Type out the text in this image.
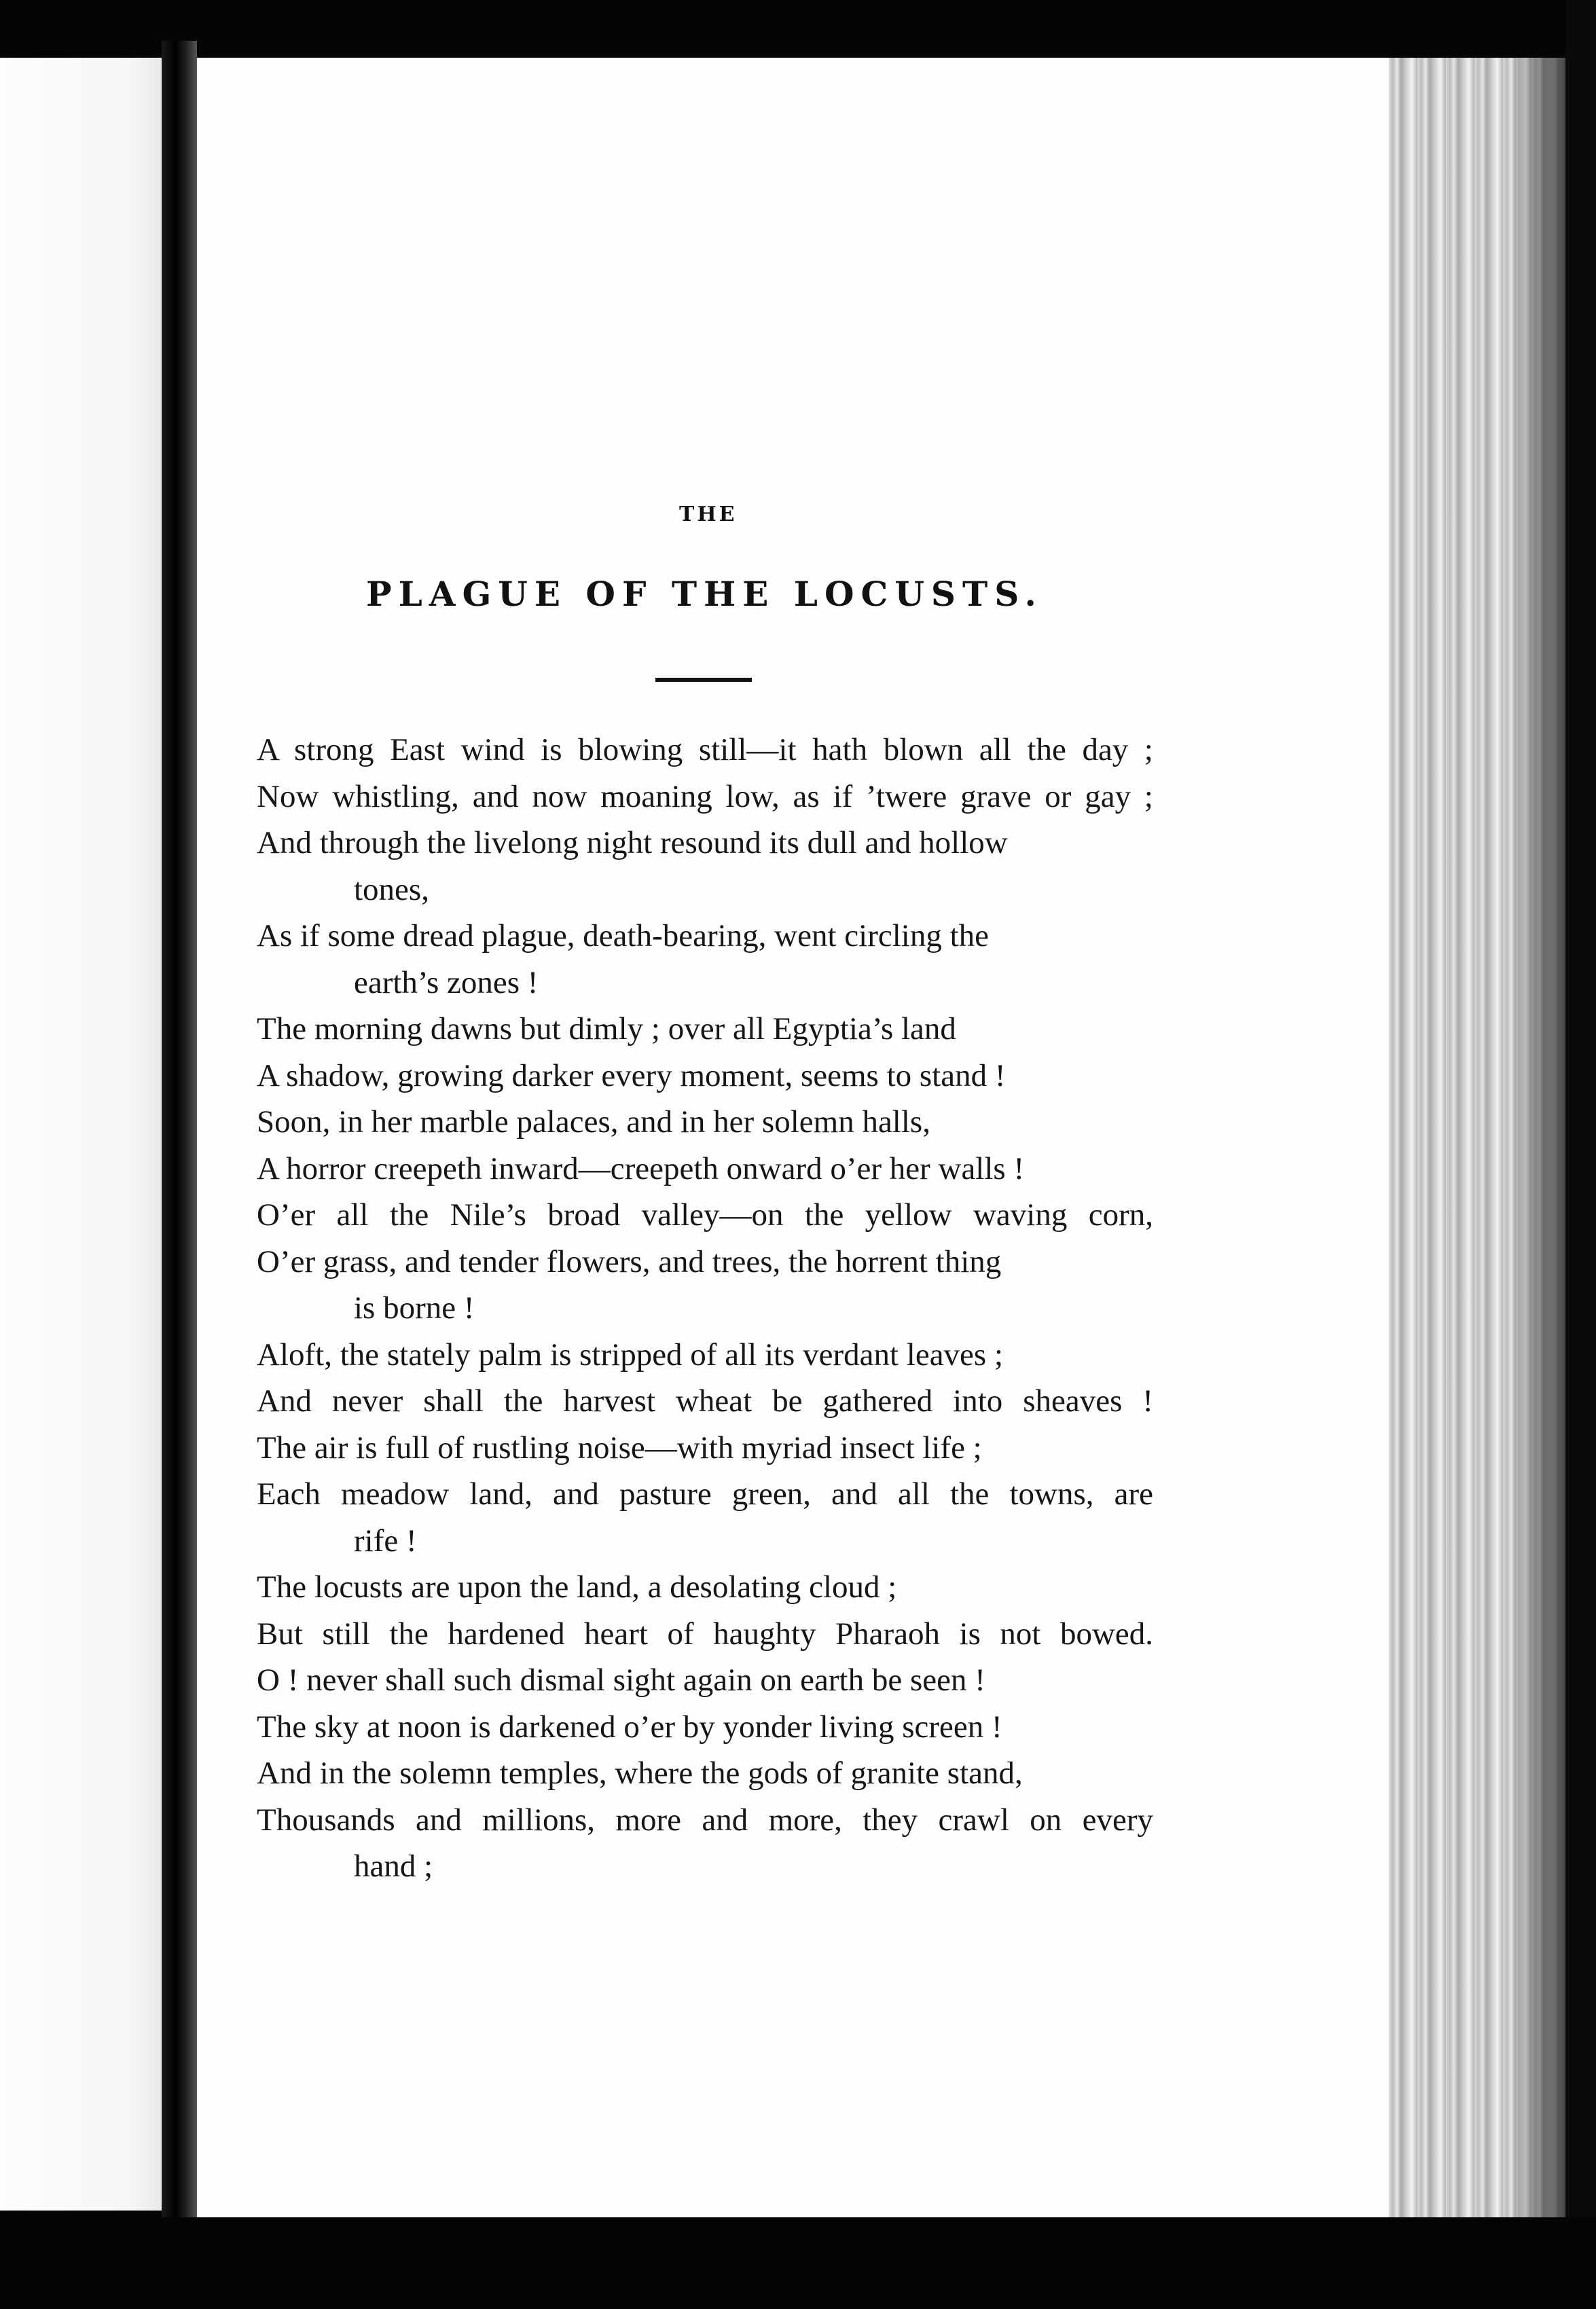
THE
PLAGUE OF THE LOCUSTS.
A strong East wind is blowing still—it hath blown all the day ;
Now whistling, and now moaning low, as if ’twere grave or gay ;
And through the livelong night resound its dull and hollow
tones,
As if some dread plague, death-bearing, went circling the
earth’s zones !
The morning dawns but dimly ; over all Egyptia’s land
A shadow, growing darker every moment, seems to stand !
Soon, in her marble palaces, and in her solemn halls,
A horror creepeth inward—creepeth onward o’er her walls !
O’er all the Nile’s broad valley—on the yellow waving corn,
O’er grass, and tender flowers, and trees, the horrent thing
is borne !
Aloft, the stately palm is stripped of all its verdant leaves ;
And never shall the harvest wheat be gathered into sheaves !
The air is full of rustling noise—with myriad insect life ;
Each meadow land, and pasture green, and all the towns, are
rife !
The locusts are upon the land, a desolating cloud ;
But still the hardened heart of haughty Pharaoh is not bowed.
O ! never shall such dismal sight again on earth be seen !
The sky at noon is darkened o’er by yonder living screen !
And in the solemn temples, where the gods of granite stand,
Thousands and millions, more and more, they crawl on every
hand ;
